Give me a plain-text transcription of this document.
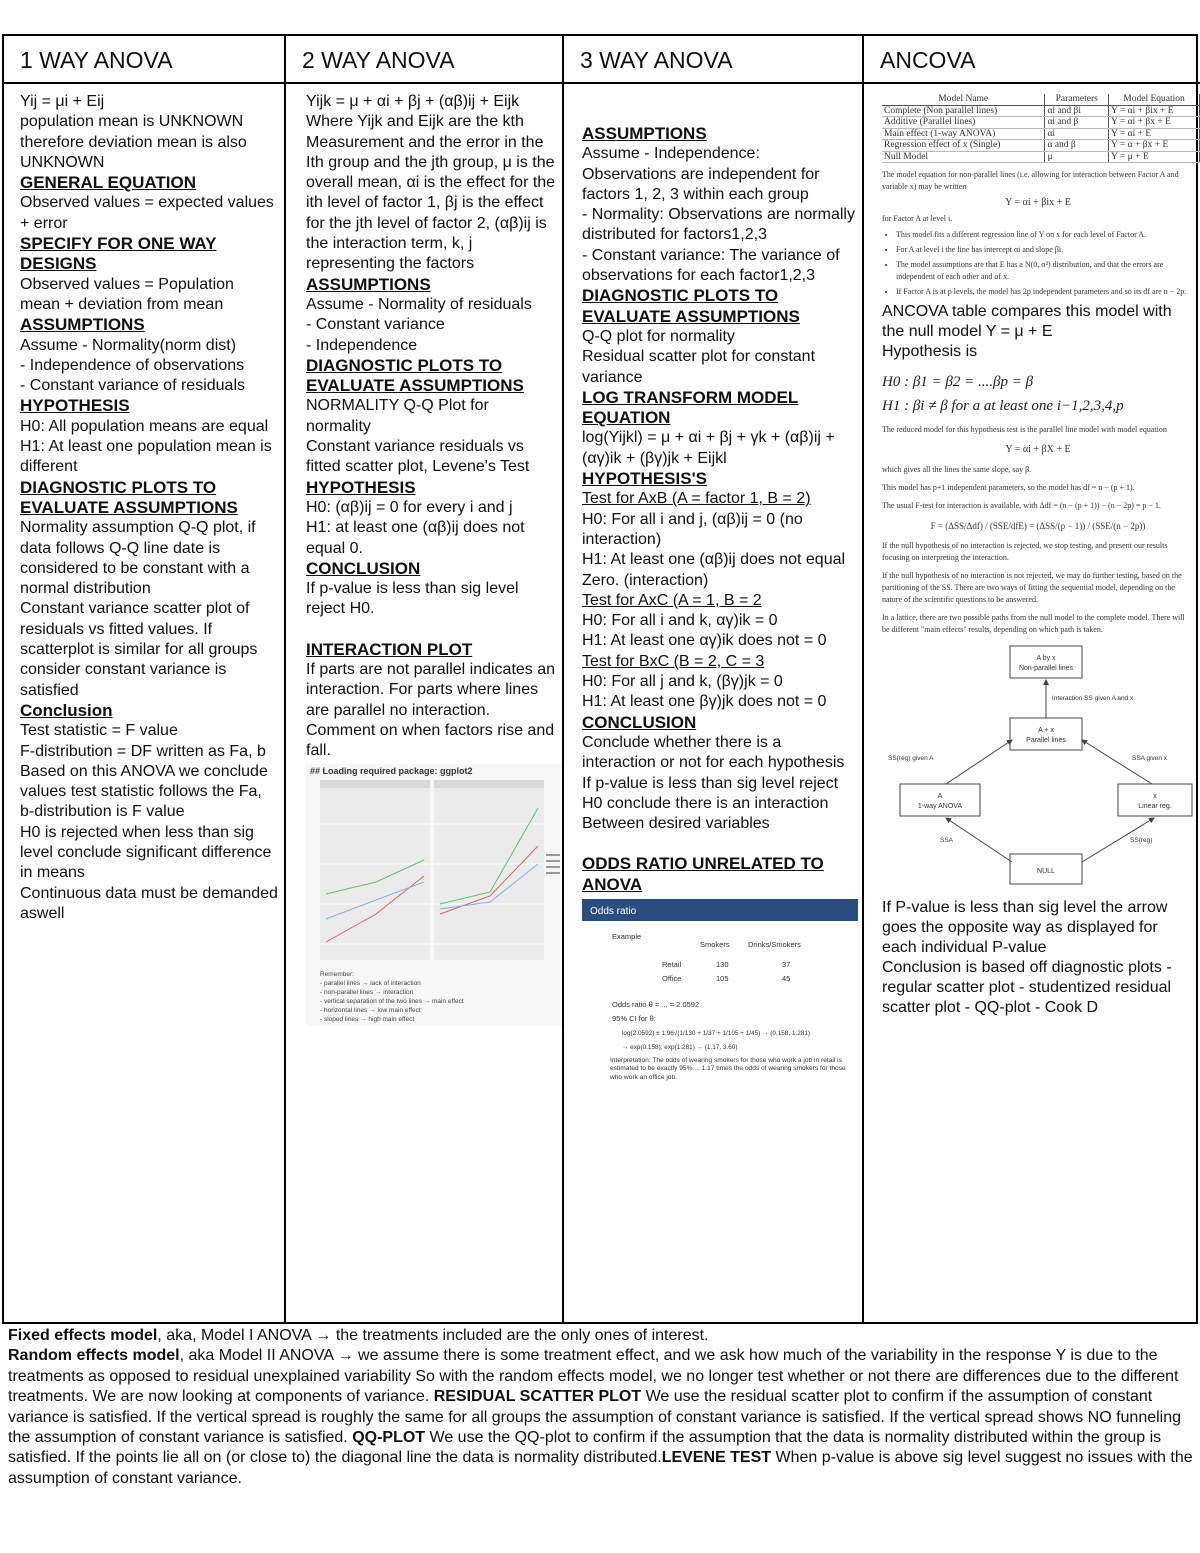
1 WAY ANOVA
Yij = μi + Eij
population mean is UNKNOWN therefore deviation mean is also UNKNOWN
GENERAL EQUATION
Observed values = expected values + error
SPECIFY FOR ONE WAY DESIGNS
Observed values = Population mean + deviation from mean
ASSUMPTIONS
Assume - Normality(norm dist)
- Independence of observations
- Constant variance of residuals
HYPOTHESIS
H0: All population means are equal
H1: At least one population mean is different
DIAGNOSTIC PLOTS TO EVALUATE ASSUMPTIONS
Normality assumption Q-Q plot, if data follows Q-Q line date is considered to be constant with a normal distribution
Constant variance scatter plot of residuals vs fitted values. If scatterplot is similar for all groups consider constant variance is satisfied
Conclusion
Test statistic = F value
F-distribution = DF written as Fa, b
Based on this ANOVA we conclude values test statistic follows the Fa, b-distribution is F value
H0 is rejected when less than sig level conclude significant difference in means
Continuous data must be demanded aswell
2 WAY ANOVA
Yijk = μ + αi + βj + (αβ)ij + Eijk
Where Yijk and Eijk are the kth Measurement and the error in the Ith group and the jth group, μ is the overall mean, αi is the effect for the ith level of factor 1, βj is the effect for the jth level of factor 2, (αβ)ij is the interaction term, k, j representing the factors
ASSUMPTIONS
Assume - Normality of residuals
- Constant variance
- Independence
DIAGNOSTIC PLOTS TO EVALUATE ASSUMPTIONS
NORMALITY Q-Q Plot for normality
Constant variance residuals vs fitted scatter plot, Levene's Test
HYPOTHESIS
H0: (αβ)ij = 0 for every i and j
H1: at least one (αβ)ij does not equal 0.
CONCLUSION
If p-value is less than sig level reject H0.
INTERACTION PLOT
If parts are not parallel indicates an interaction. For parts where lines are parallel no interaction. Comment on when factors rise and fall.
## Loading required package: ggplot2
Remember:
- parallel lines → lack of interaction
- non-parallel lines → interaction
- vertical separation of the two lines → main effect
- horizontal lines → low main effect
- sloped lines → high main effect
3 WAY ANOVA
ASSUMPTIONS
Assume - Independence: Observations are independent for factors 1, 2, 3 within each group
- Normality: Observations are normally distributed for factors1,2,3
- Constant variance: The variance of observations for each factor1,2,3
DIAGNOSTIC PLOTS TO EVALUATE ASSUMPTIONS
Q-Q plot for normality
Residual scatter plot for constant variance
LOG TRANSFORM MODEL EQUATION
log(Yijkl) = μ + αi + βj + γk + (αβ)ij + (αγ)ik + (βγ)jk + Eijkl
HYPOTHESIS'S
Test for AxB (A = factor 1, B = 2)
H0: For all i and j, (αβ)ij = 0 (no interaction)
H1: At least one (αβ)ij does not equal Zero. (interaction)
Test for AxC (A = 1, B = 2
H0: For all i and k, αγ)ik = 0
H1: At least one αγ)ik does not = 0
Test for BxC (B = 2, C = 3
H0: For all j and k, (βγ)jk = 0
H1: At least one βγ)jk does not = 0
CONCLUSION
Conclude whether there is a interaction or not for each hypothesis If p-value is less than sig level reject H0 conclude there is an interaction Between desired variables
ODDS RATIO UNRELATED TO ANOVA
Odds ratio
Example
Smokers Drinks/Smokers
Retail	130	37
Office	105	45
Odds ratio θ = ... = 2.0592
95% CI for θ:
log(2.0592) ± 1.96√(1/130 + 1/37 + 1/105 + 1/45) → (0.158, 1.281)
→ exp(0.158), exp(1.281) → (1.17, 3.60)
Interpretation: The odds of wearing smokers for those who work a job in retail is estimated to be exactly 95% ... 1.17 times the odds of wearing smokers for those who work an office job.
ANCOVA
Model Name	Parameters	Model Equation
Complete (Non parallel lines)	αi and βi	Y = αi + βix + E
Additive (Parallel lines)	αi and β	Y = αi + βx + E
Main effect (1-way ANOVA)	αi	Y = αi + E
Regression effect of x (Single)	α and β	Y = α + βx + E
Null Model	μ	Y = μ + E
The model equation for non-parallel lines (i.e. allowing for interaction between Factor A and variable x) may be written
Y = αi + βix + E
for Factor A at level i.
• This model fits a different regression line of Y on x for each level of Factor A.
• For A at level i the line has intercept αi and slope βi.
• The model assumptions are that E has a N(0, σ²) distribution, and that the errors are independent of each other and of x.
• If Factor A is at p levels, the model has 2p independent parameters and so its df are n − 2p.
ANCOVA table compares this model with the null model Y = μ + E
Hypothesis is
H0 : β1 = β2 = ....βp = β
H1 : βi ≠ β for a at least one i−1,2,3,4,p
The reduced model for this hypothesis test is the parallel line model with model equation
Y = αi + βX + E
which gives all the lines the same slope, say β.
This model has p+1 independent parameters, so the model has df = n − (p + 1).
The usual F-test for interaction is available, with Δdf = (n − (p + 1)) − (n − 2p) = p − 1.
F = (ΔSS/Δdf) / (SSE/dfE) = (ΔSS/(p − 1)) / (SSE/(n − 2p))
If the null hypothesis of no interaction is rejected, we stop testing, and present our results focusing on interpreting the interaction.
If the null hypothesis of no interaction is not rejected, we may do further testing, based on the partitioning of the SS. There are two ways of fitting the sequential model, depending on the nature of the scientific questions to be answered.
In a lattice, there are two possible paths from the null model to the complete model. There will be different "main effects" results, depending on which path is taken.
A by x
Non-parallel lines
A + x
Parallel lines
A
1-way ANOVA
x
Linear reg.
NULL
Interaction SS given A and x
SS(reg) given A	SSA given x
SSA	SS(reg)
If P-value is less than sig level the arrow goes the opposite way as displayed for each individual P-value
Conclusion is based off diagnostic plots - regular scatter plot - studentized residual scatter plot - QQ-plot - Cook D
Fixed effects model, aka, Model I ANOVA → the treatments included are the only ones of interest.
Random effects model, aka Model II ANOVA → we assume there is some treatment effect, and we ask how much of the variability in the response Y is due to the treatments as opposed to residual unexplained variability So with the random effects model, we no longer test whether or not there are differences due to the different treatments. We are now looking at components of variance. RESIDUAL SCATTER PLOT We use the residual scatter plot to confirm if the assumption of constant variance is satisfied. If the vertical spread is roughly the same for all groups the assumption of constant variance is satisfied. If the vertical spread shows NO funneling the assumption of constant variance is satisfied. QQ-PLOT We use the QQ-plot to confirm if the assumption that the data is normality distributed within the group is satisfied. If the points lie all on (or close to) the diagonal line the data is normality distributed.LEVENE TEST When p-value is above sig level suggest no issues with the assumption of constant variance.
